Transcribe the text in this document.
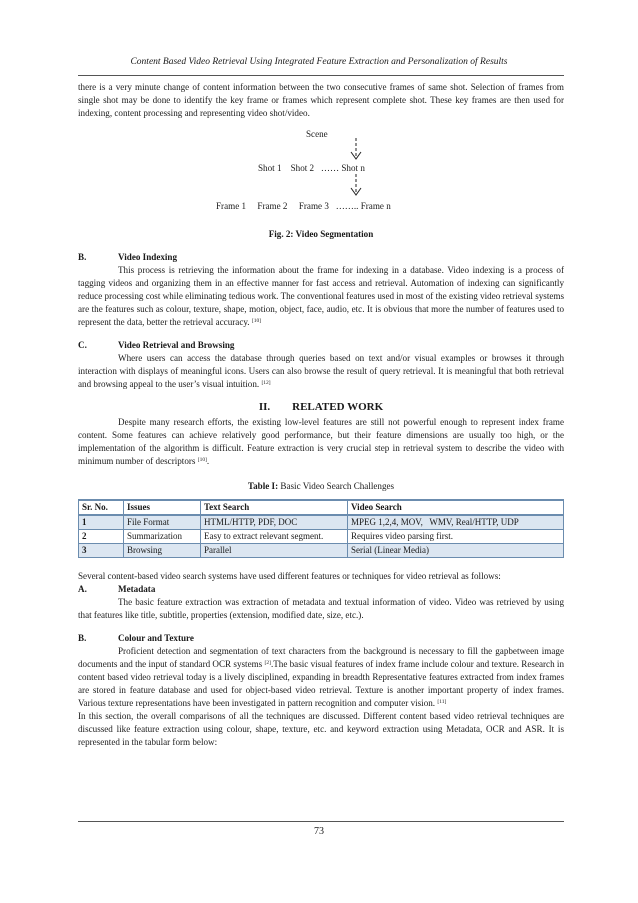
Content Based Video Retrieval Using Integrated Feature Extraction and Personalization of Results

there is a very minute change of content information between the two consecutive frames of same shot. Selection of frames from single shot may be done to identify the key frame or frames which represent complete shot. These key frames are then used for indexing, content processing and representing video shot/video.

Scene
Shot 1    Shot 2   …… Shot n
Frame 1     Frame 2     Frame 3   …….. Frame n
Fig. 2: Video Segmentation
B.	Video Indexing

This process is retrieving the information about the frame for indexing in a database. Video indexing is a process of tagging videos and organizing them in an effective manner for fast access and retrieval. Automation of indexing can significantly reduce processing cost while eliminating tedious work. The conventional features used in most of the existing video retrieval systems are the features such as colour, texture, shape, motion, object, face, audio, etc. It is obvious that more the number of features used to represent the data, better the retrieval accuracy. [10]

C.	Video Retrieval and Browsing

Where users can access the database through queries based on text and/or visual examples or browses it through interaction with displays of meaningful icons. Users can also browse the result of query retrieval. It is meaningful that both retrieval and browsing appeal to the user’s visual intuition. [12]

II. RELATED WORK

Despite many research efforts, the existing low-level features are still not powerful enough to represent index frame content. Some features can achieve relatively good performance, but their feature dimensions are usually too high, or the implementation of the algorithm is difficult. Feature extraction is very crucial step in retrieval system to describe the video with minimum number of descriptors [10].

Table I: Basic Video Search Challenges
Sr. No.	Issues	Text Search	Video Search
1	File Format	HTML/HTTP, PDF, DOC	MPEG 1,2,4, MOV,   WMV, Real/HTTP, UDP
2	Summarization	Easy to extract relevant segment.	Requires video parsing first.
3	Browsing	Parallel	Serial (Linear Media)

Several content-based video search systems have used different features or techniques for video retrieval as follows:

A.	Metadata

The basic feature extraction was extraction of metadata and textual information of video. Video was retrieved by using that features like title, subtitle, properties (extension, modified date, size, etc.).

B.	Colour and Texture

Proficient detection and segmentation of text characters from the background is necessary to fill the gapbetween image documents and the input of standard OCR systems [2].The basic visual features of index frame include colour and texture. Research in content based video retrieval today is a lively disciplined, expanding in breadth Representative features extracted from index frames are stored in feature database and used for object-based video retrieval. Texture is another important property of index frames. Various texture representations have been investigated in pattern recognition and computer vision. [11]

In this section, the overall comparisons of all the techniques are discussed. Different content based video retrieval techniques are discussed like feature extraction using colour, shape, texture, etc. and keyword extraction using Metadata, OCR and ASR. It is represented in the tabular form below:

73
